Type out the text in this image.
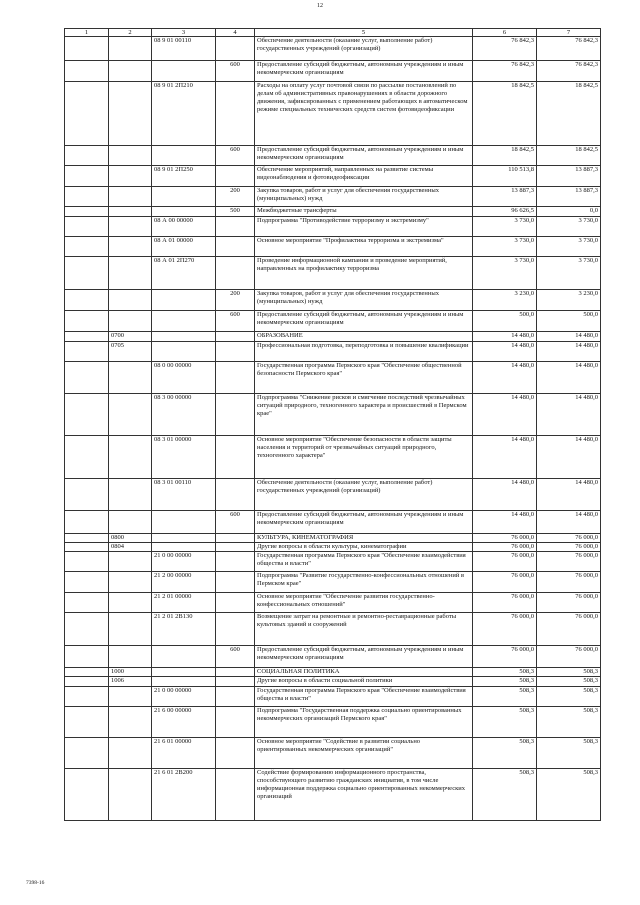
12
1	2	3	4	5	6	7
		08 9 01 00110		Обеспечение деятельности (оказание услуг, выполнение работ) государственных учреждений (организаций)	76 842,3	76 842,3
			600	Предоставление субсидий бюджетным, автономным учреждениям и иным некоммерческим организациям	76 842,3	76 842,3
		08 9 01 2П210		Расходы на оплату услуг почтовой связи по рассылке постановлений по делам об административных правонарушениях в области дорожного движения, зафиксированных с применением работающих в автоматическом режиме специальных технических средств систем фотовидеофиксации	18 842,5	18 842,5
			600	Предоставление субсидий бюджетным, автономным учреждениям и иным некоммерческим организациям	18 842,5	18 842,5
		08 9 01 2П250		Обеспечение мероприятий, направленных на развитие системы видеонаблюдения и фотовидеофиксации	110 513,8	13 887,3
			200	Закупка товаров, работ и услуг для обеспечения государственных (муниципальных) нужд	13 887,3	13 887,3
			500	Межбюджетные трансферты	96 626,5	0,0
		08 А 00 00000		Подпрограмма "Противодействие терроризму и экстремизму"	3 730,0	3 730,0
		08 А 01 00000		Основное мероприятие "Профилактика терроризма и экстремизма"	3 730,0	3 730,0
		08 А 01 2П270		Проведение информационной кампании и проведение мероприятий, направленных на профилактику терроризма	3 730,0	3 730,0
			200	Закупка товаров, работ и услуг для обеспечения государственных (муниципальных) нужд	3 230,0	3 230,0
			600	Предоставление субсидий бюджетным, автономным учреждениям и иным некоммерческим организациям	500,0	500,0
	0700			ОБРАЗОВАНИЕ	14 480,0	14 480,0
	0705			Профессиональная подготовка, переподготовка и повышение квалификации	14 480,0	14 480,0
		08 0 00 00000		Государственная программа Пермского края "Обеспечение общественной безопасности Пермского края"	14 480,0	14 480,0
		08 3 00 00000		Подпрограмма "Снижение рисков и смягчение последствий чрезвычайных ситуаций природного, техногенного характера и происшествий в Пермском крае"	14 480,0	14 480,0
		08 3 01 00000		Основное мероприятие "Обеспечение безопасности в области защиты населения и территорий от чрезвычайных ситуаций природного, техногенного характера"	14 480,0	14 480,0
		08 3 01 00110		Обеспечение деятельности (оказание услуг, выполнение работ) государственных учреждений (организаций)	14 480,0	14 480,0
			600	Предоставление субсидий бюджетным, автономным учреждениям и иным некоммерческим организациям	14 480,0	14 480,0
	0800			КУЛЬТУРА, КИНЕМАТОГРАФИЯ	76 000,0	76 000,0
	0804			Другие вопросы в области культуры, кинематографии	76 000,0	76 000,0
		21 0 00 00000		Государственная программа Пермского края "Обеспечение взаимодействия общества и власти"	76 000,0	76 000,0
		21 2 00 00000		Подпрограмма "Развитие государственно-конфессиональных отношений в Пермском крае"	76 000,0	76 000,0
		21 2 01 00000		Основное мероприятие "Обеспечение развития государственно-конфессиональных отношений"	76 000,0	76 000,0
		21 2 01 2В130		Возмещение затрат на ремонтные и ремонтно-реставрационные работы культовых зданий и сооружений	76 000,0	76 000,0
			600	Предоставление субсидий бюджетным, автономным учреждениям и иным некоммерческим организациям	76 000,0	76 000,0
	1000			СОЦИАЛЬНАЯ ПОЛИТИКА	508,3	508,3
	1006			Другие вопросы в области социальной политики	508,3	508,3
		21 0 00 00000		Государственная программа Пермского края "Обеспечение взаимодействия общества и власти"	508,3	508,3
		21 6 00 00000		Подпрограмма "Государственная поддержка социально ориентированных некоммерческих организаций Пермского края"	508,3	508,3
		21 6 01 00000		Основное мероприятие "Содействие в развитии социально ориентированных некоммерческих организаций"	508,3	508,3
		21 6 01 2В200		Содействие формированию информационного пространства, способствующего развитию гражданских инициатив, в том числе информационная поддержка социально ориентированных некоммерческих организаций	508,3	508,3
7398-16
